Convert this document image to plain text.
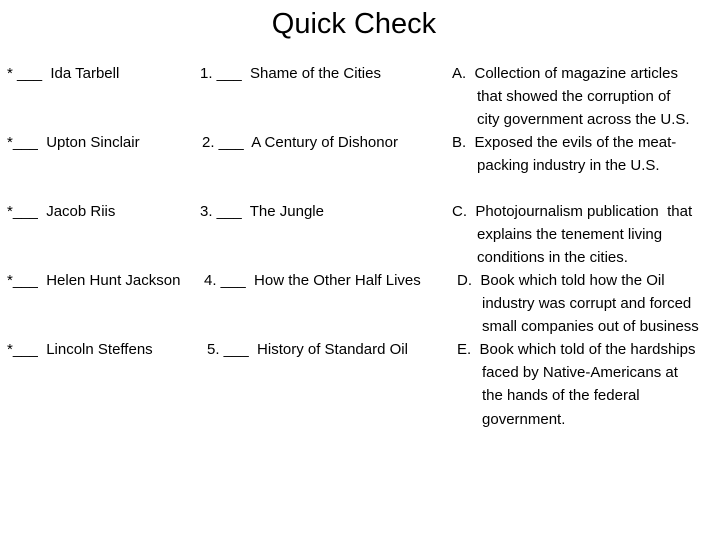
Quick Check
* ___  Ida Tarbell
*___  Upton Sinclair
*___  Jacob Riis
*___  Helen Hunt Jackson
*___  Lincoln Steffens
1. ___  Shame of the Cities
2. ___  A Century of Dishonor
3. ___  The Jungle
4. ___  How the Other Half Lives
5. ___  History of Standard Oil
A.  Collection of magazine articles
that showed the corruption of
city government across the U.S.
B.  Exposed the evils of the meat-
packing industry in the U.S.
C.  Photojournalism publication  that
explains the tenement living
conditions in the cities.
D.  Book which told how the Oil
industry was corrupt and forced
small companies out of business
E.  Book which told of the hardships
faced by Native-Americans at
the hands of the federal
government.
